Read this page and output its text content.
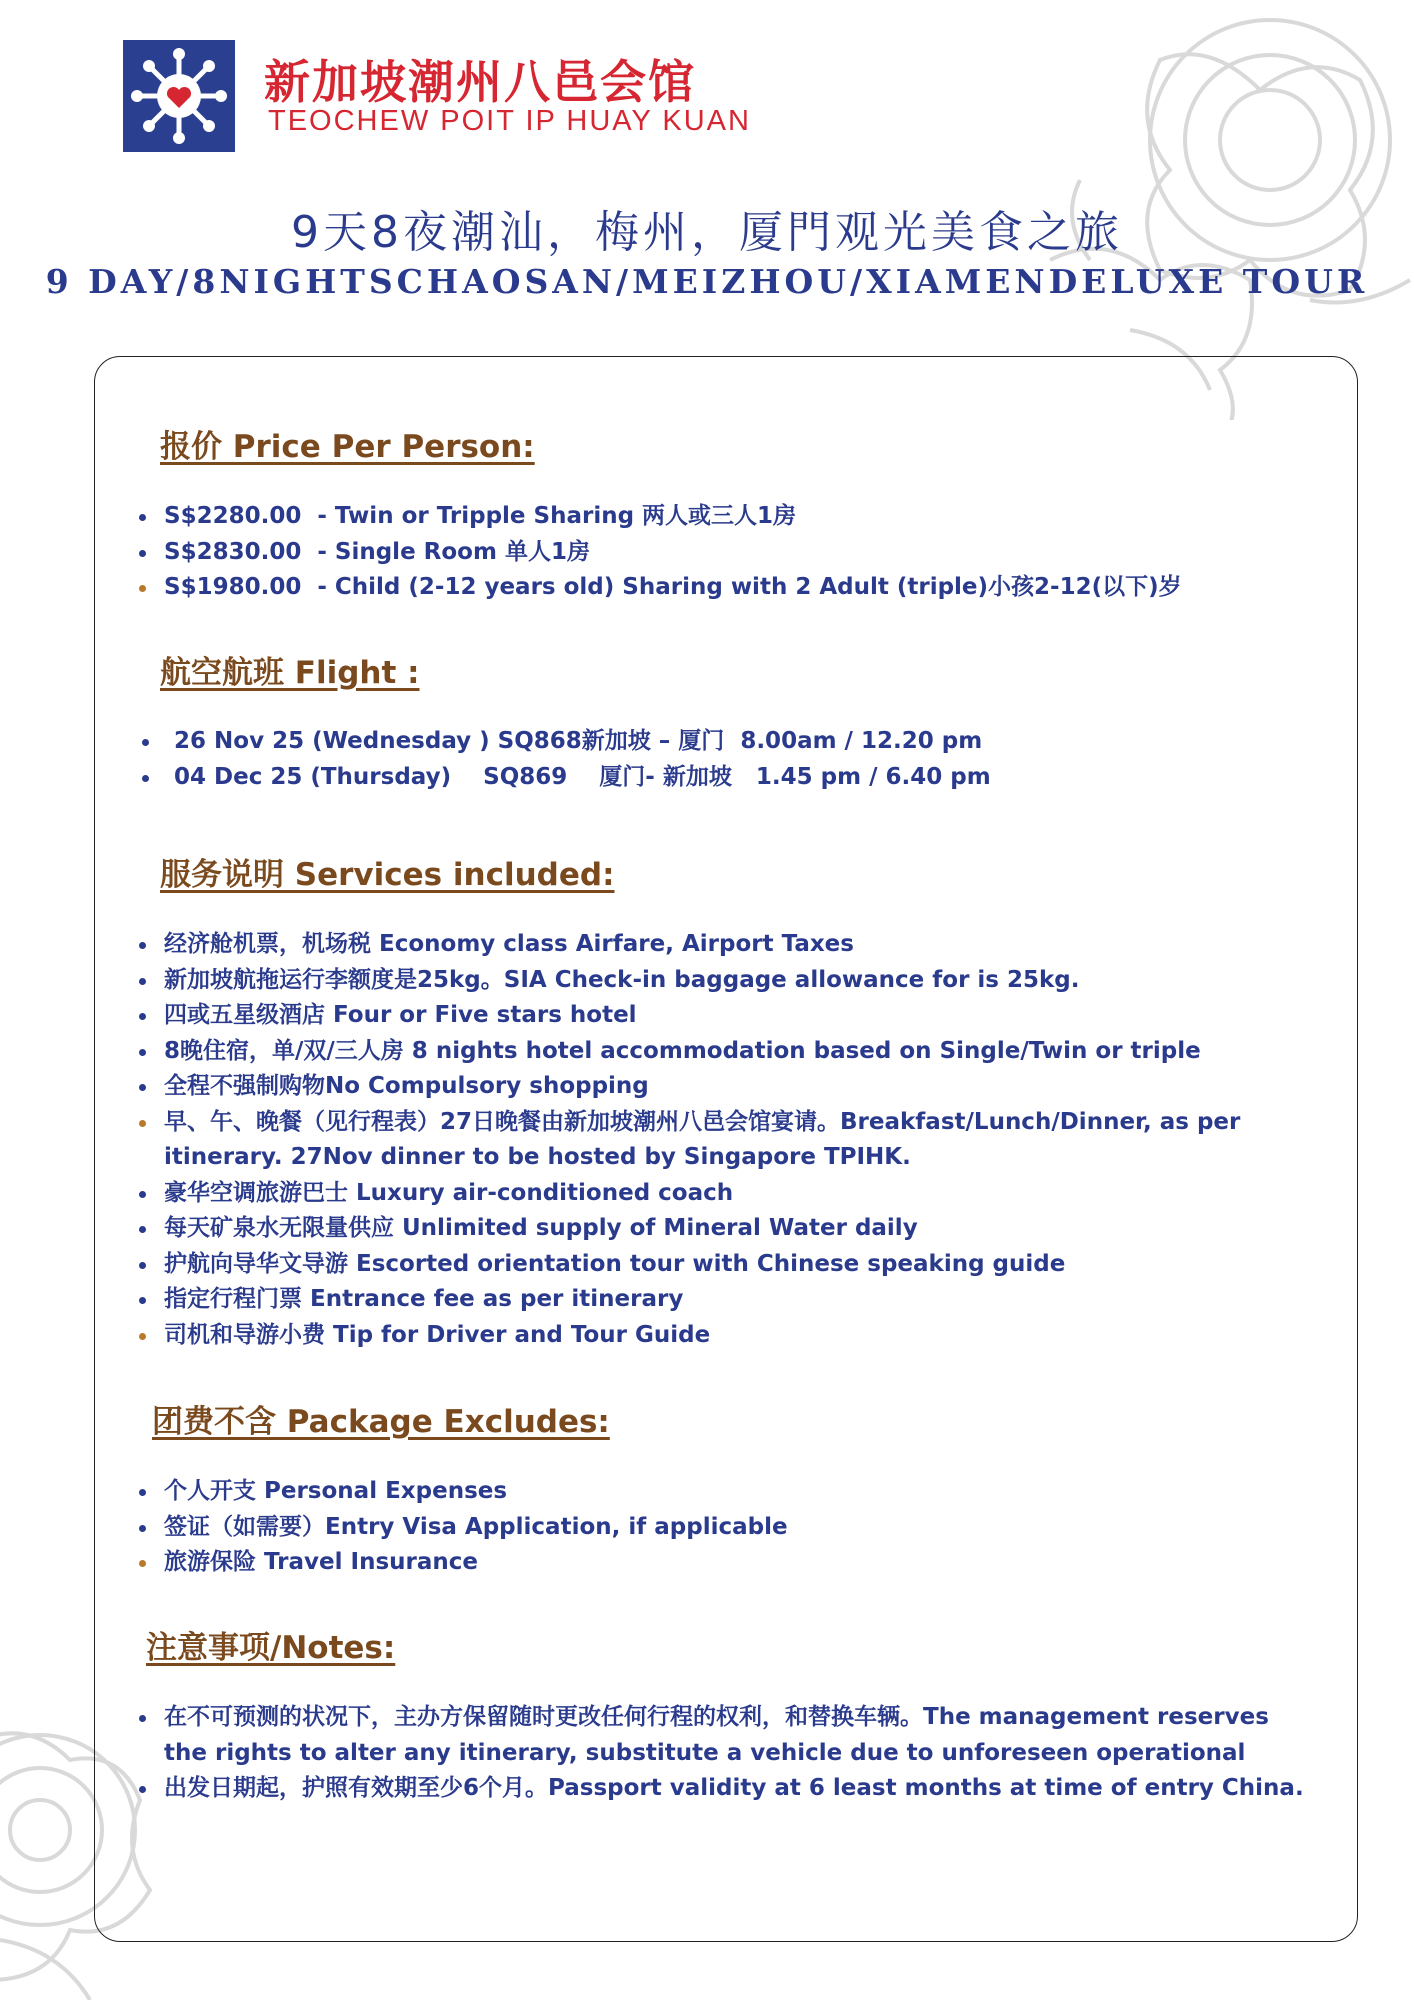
新加坡潮州八邑会馆
TEOCHEW POIT IP HUAY KUAN
9天8夜潮汕，梅州，厦門观光美食之旅
9 DAY/8NIGHTSCHAOSAN/MEIZHOU/XIAMENDELUXE TOUR
报价 Price Per Person:
S$2280.00  - Twin or Tripple Sharing 两人或三人1房
S$2830.00  - Single Room 单人1房
S$1980.00  - Child (2-12 years old) Sharing with 2 Adult (triple)小孩2-12(以下)岁
航空航班 Flight :
26 Nov 25 (Wednesday ) SQ868新加坡 – 厦门  8.00am / 12.20 pm
04 Dec 25 (Thursday)    SQ869    厦门- 新加坡   1.45 pm / 6.40 pm
服务说明 Services included:
经济舱机票，机场税 Economy class Airfare, Airport Taxes
新加坡航拖运行李额度是25kg。SIA Check-in baggage allowance for is 25kg.
四或五星级酒店 Four or Five stars hotel
8晚住宿，单/双/三人房 8 nights hotel accommodation based on Single/Twin or triple
全程不强制购物No Compulsory shopping
早、午、晚餐（见行程表）27日晚餐由新加坡潮州八邑会馆宴请。Breakfast/Lunch/Dinner, as per itinerary. 27Nov dinner to be hosted by Singapore TPIHK.
豪华空调旅游巴士 Luxury air-conditioned coach
每天矿泉水无限量供应 Unlimited supply of Mineral Water daily
护航向导华文导游 Escorted orientation tour with Chinese speaking guide
指定行程门票 Entrance fee as per itinerary
司机和导游小费 Tip for Driver and Tour Guide
团费不含 Package Excludes:
个人开支 Personal Expenses
签证（如需要）Entry Visa Application, if applicable
旅游保险 Travel Insurance
注意事项/Notes:
在不可预测的状况下，主办方保留随时更改任何行程的权利，和替换车辆。The management reserves the rights to alter any itinerary, substitute a vehicle due to unforeseen operational
出发日期起，护照有效期至少6个月。Passport validity at 6 least months at time of entry China.
